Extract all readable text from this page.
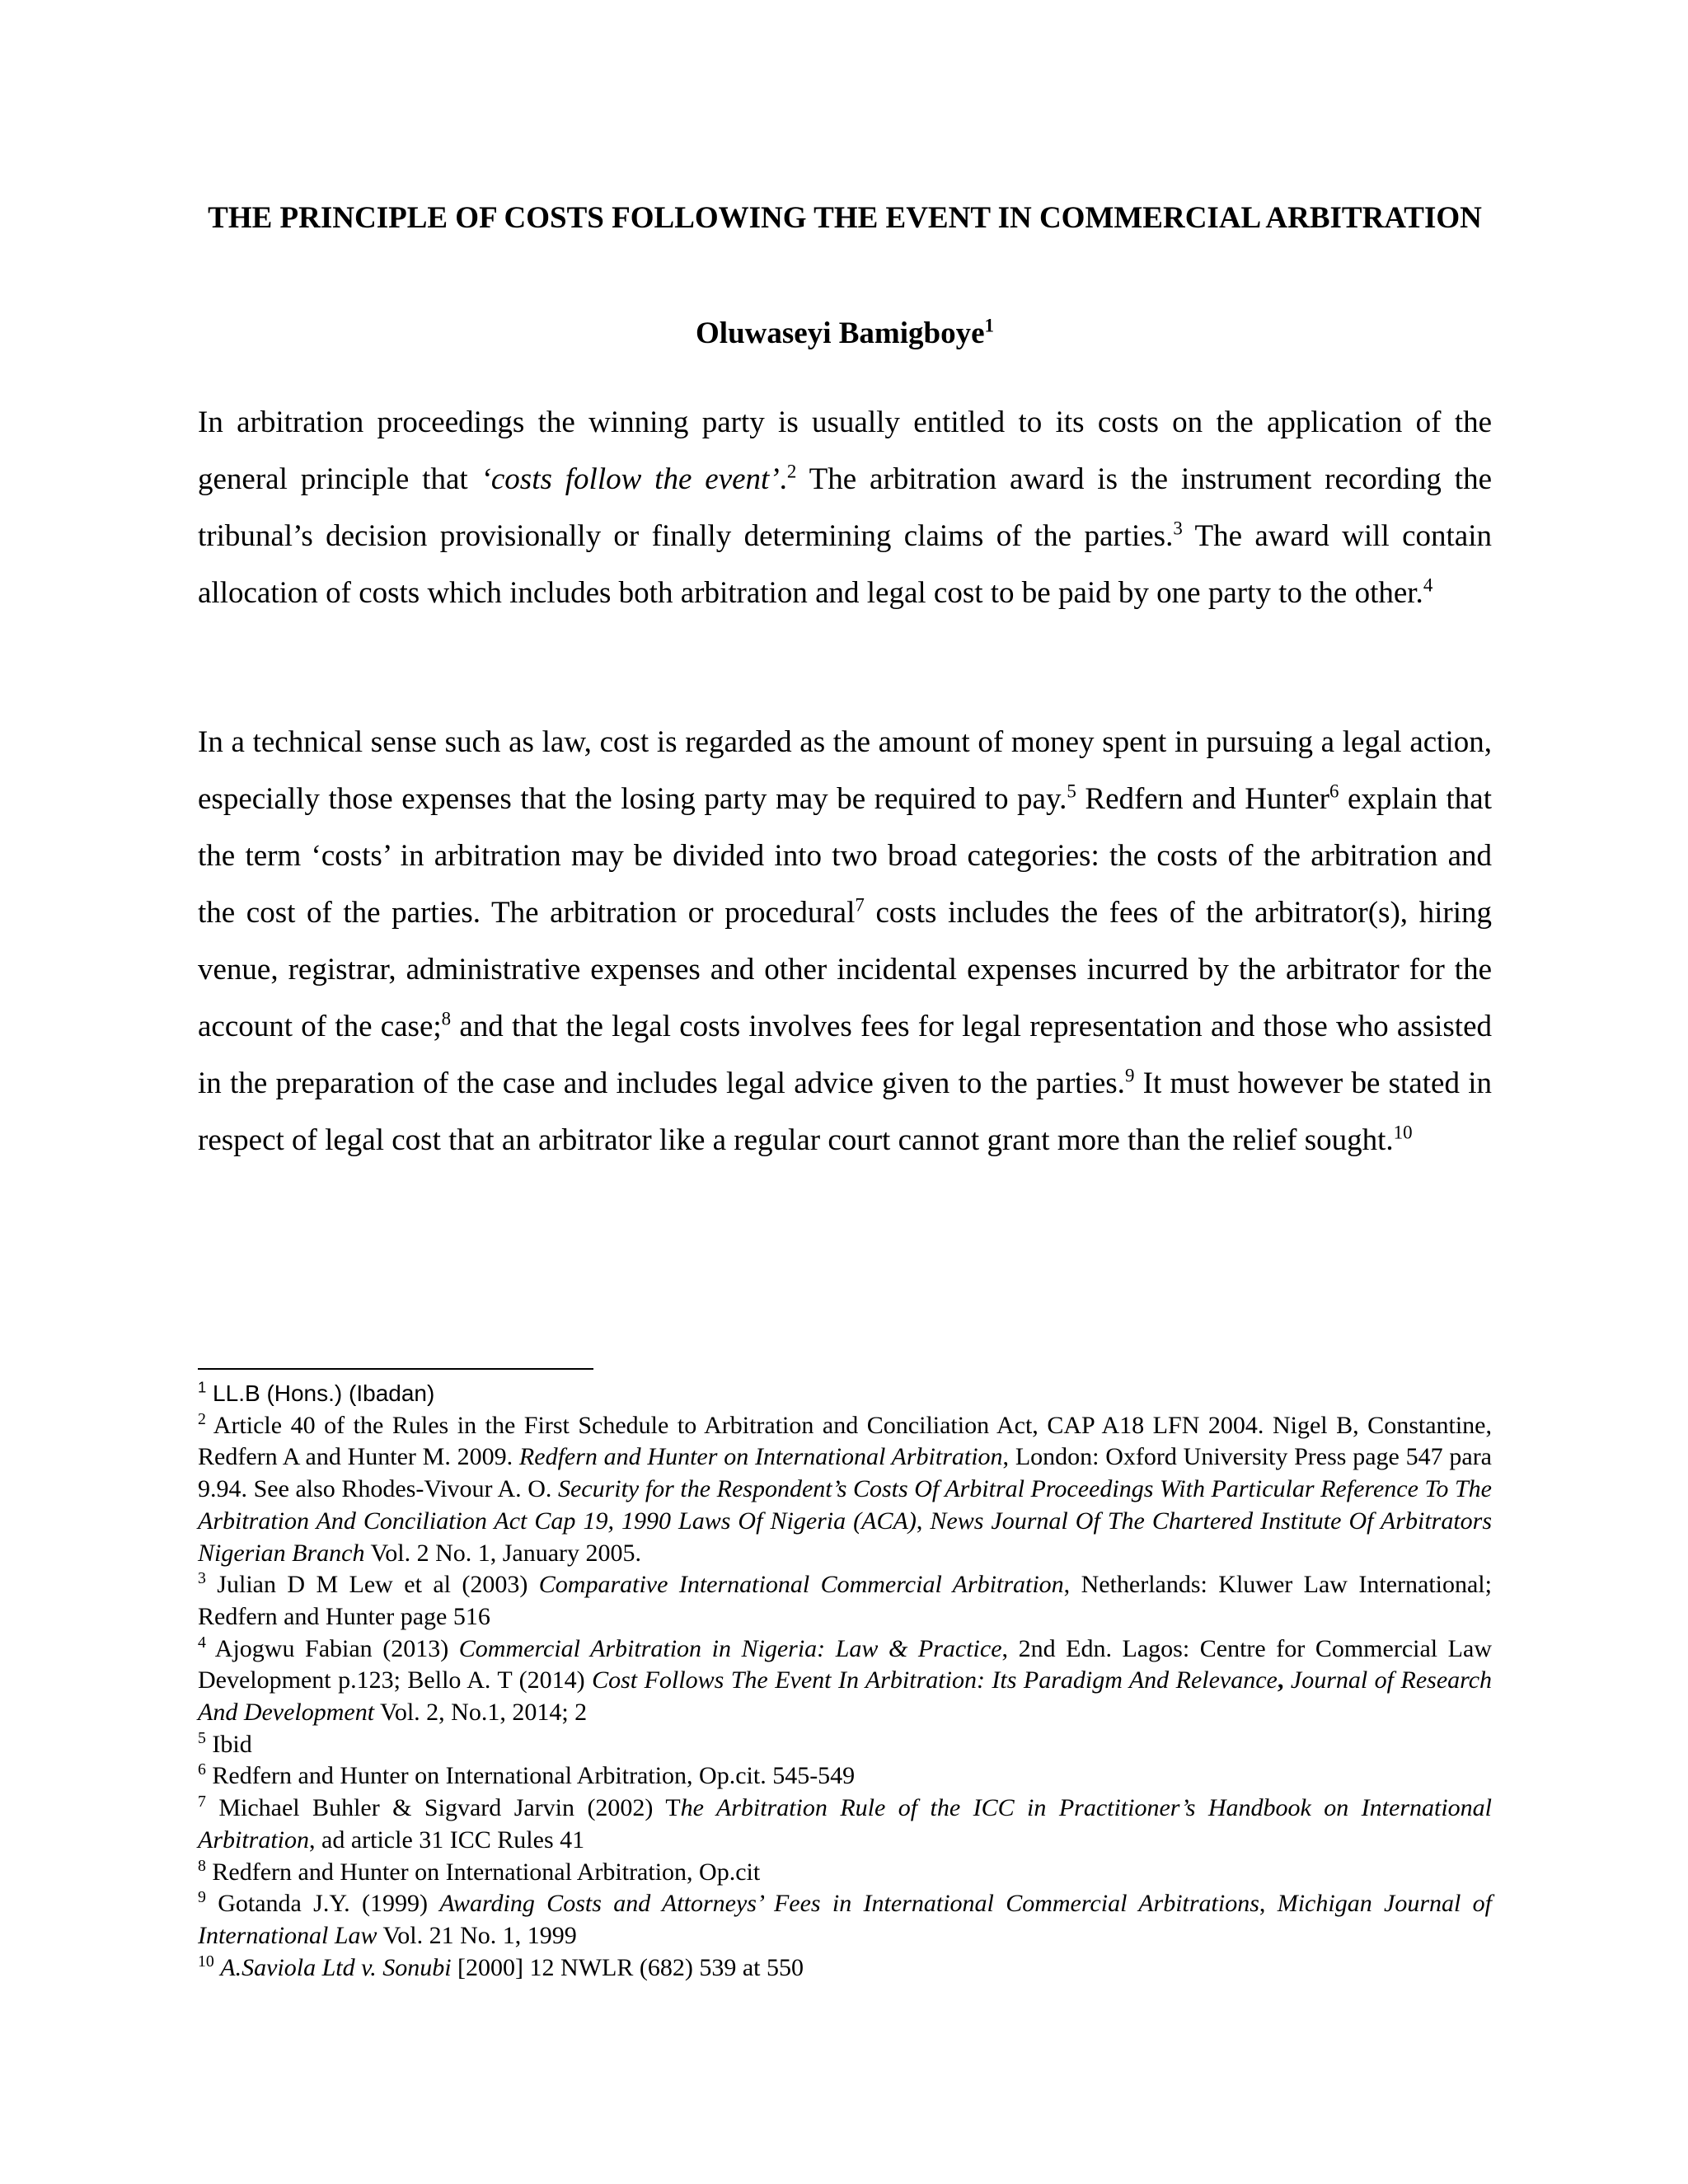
THE PRINCIPLE OF COSTS FOLLOWING THE EVENT IN COMMERCIAL ARBITRATION

Oluwaseyi Bamigboye$^1$

In arbitration proceedings the winning party is usually entitled to its costs on the application of the general principle that ‘costs follow the event’.$^2$ The arbitration award is the instrument recording the tribunal’s decision provisionally or finally determining claims of the parties.$^3$ The award will contain allocation of costs which includes both arbitration and legal cost to be paid by one party to the other.$^4$

In a technical sense such as law, cost is regarded as the amount of money spent in pursuing a legal action, especially those expenses that the losing party may be required to pay.$^5$ Redfern and Hunter$^6$ explain that the term ‘costs’ in arbitration may be divided into two broad categories: the costs of the arbitration and the cost of the parties. The arbitration or procedural$^7$ costs includes the fees of the arbitrator(s), hiring venue, registrar, administrative expenses and other incidental expenses incurred by the arbitrator for the account of the case;$^8$ and that the legal costs involves fees for legal representation and those who assisted in the preparation of the case and includes legal advice given to the parties.$^9$ It must however be stated in respect of legal cost that an arbitrator like a regular court cannot grant more than the relief sought.$^{10}$

$^1$ LL.B (Hons.) (Ibadan)

$^2$ Article 40 of the Rules in the First Schedule to Arbitration and Conciliation Act, CAP A18 LFN 2004. Nigel B, Constantine, Redfern A and Hunter M. 2009. Redfern and Hunter on International Arbitration, London: Oxford University Press page 547 para 9.94. See also Rhodes-Vivour A. O. Security for the Respondent’s Costs Of Arbitral Proceedings With Particular Reference To The Arbitration And Conciliation Act Cap 19, 1990 Laws Of Nigeria (ACA), News Journal Of The Chartered Institute Of Arbitrators Nigerian Branch Vol. 2 No. 1, January 2005.

$^3$ Julian D M Lew et al (2003) Comparative International Commercial Arbitration, Netherlands: Kluwer Law International; Redfern and Hunter page 516

$^4$ Ajogwu Fabian (2013) Commercial Arbitration in Nigeria: Law & Practice, 2nd Edn. Lagos: Centre for Commercial Law Development p.123; Bello A. T (2014) Cost Follows The Event In Arbitration: Its Paradigm And Relevance, Journal of Research And Development Vol. 2, No.1, 2014; 2

$^5$ Ibid

$^6$ Redfern and Hunter on International Arbitration, Op.cit. 545-549

$^7$ Michael Buhler & Sigvard Jarvin (2002) The Arbitration Rule of the ICC in Practitioner’s Handbook on International Arbitration, ad article 31 ICC Rules 41

$^8$ Redfern and Hunter on International Arbitration, Op.cit

$^9$ Gotanda J.Y. (1999) Awarding Costs and Attorneys’ Fees in International Commercial Arbitrations, Michigan Journal of International Law Vol. 21 No. 1, 1999

$^{10}$ A.Saviola Ltd v. Sonubi [2000] 12 NWLR (682) 539 at 550
